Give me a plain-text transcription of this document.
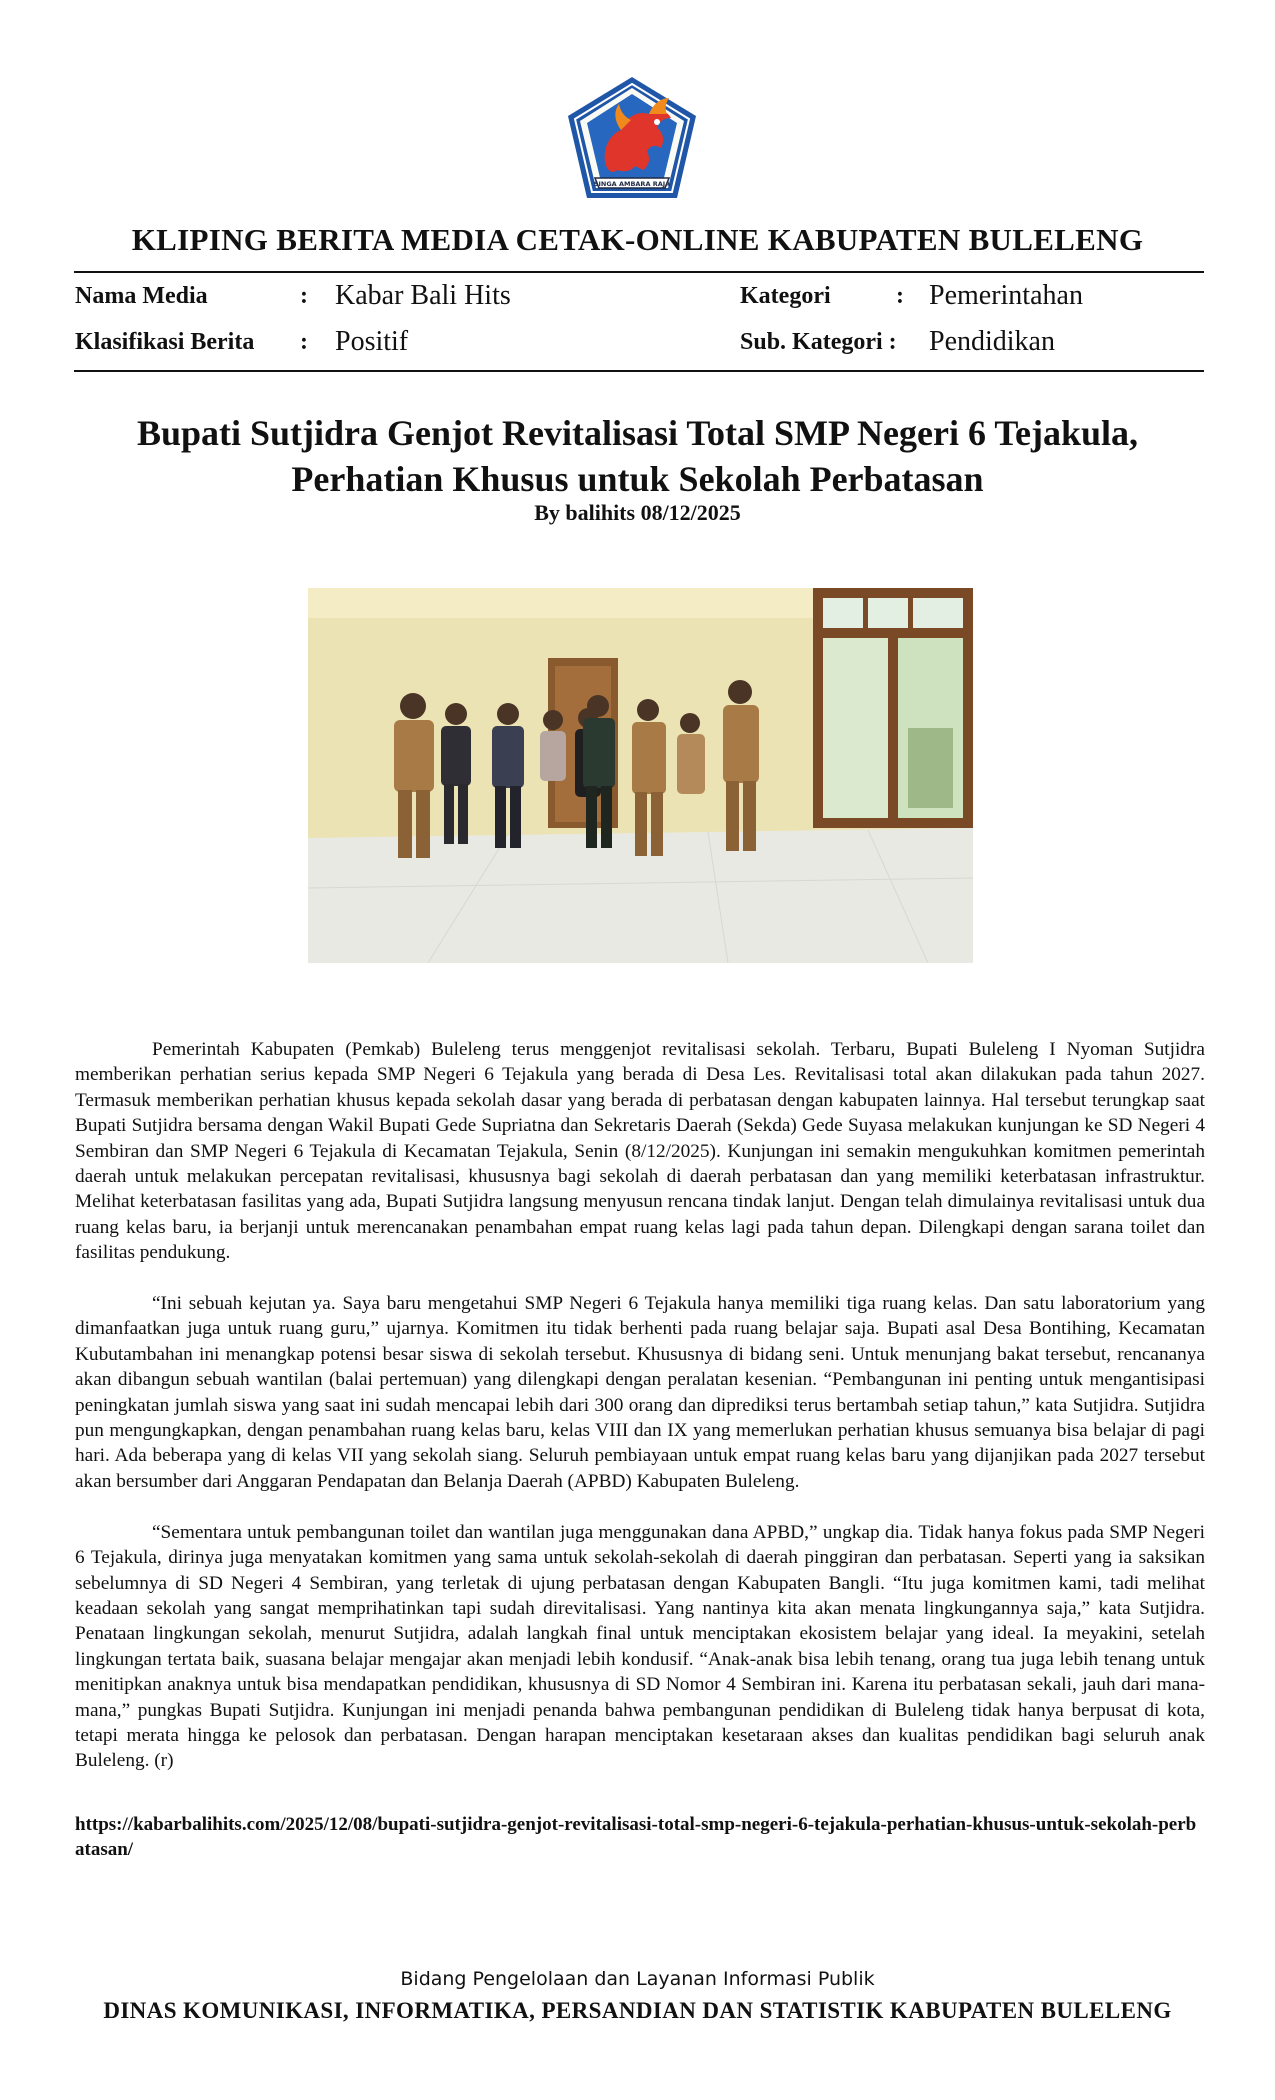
SINGA AMBARA RAJA
KLIPING BERITA MEDIA CETAK-ONLINE KABUPATEN BULELENG
Nama Media	: Kabar Bali Hits
Klasifikasi Berita : Positif
Kategori	: Pemerintahan
Sub. Kategori : Pendidikan
Bupati Sutjidra Genjot Revitalisasi Total SMP Negeri 6 Tejakula,
Perhatian Khusus untuk Sekolah Perbatasan
By balihits 08/12/2025

Pemerintah Kabupaten (Pemkab) Buleleng terus menggenjot revitalisasi sekolah. Terbaru, Bupati Buleleng I Nyoman Sutjidra memberikan perhatian serius kepada SMP Negeri 6 Tejakula yang berada di Desa Les. Revitalisasi total akan dilakukan pada tahun 2027. Termasuk memberikan perhatian khusus kepada sekolah dasar yang berada di perbatasan dengan kabupaten lainnya. Hal tersebut terungkap saat Bupati Sutjidra bersama dengan Wakil Bupati Gede Supriatna dan Sekretaris Daerah (Sekda) Gede Suyasa melakukan kunjungan ke SD Negeri 4 Sembiran dan SMP Negeri 6 Tejakula di Kecamatan Tejakula, Senin (8/12/2025). Kunjungan ini semakin mengukuhkan komitmen pemerintah daerah untuk melakukan percepatan revitalisasi, khususnya bagi sekolah di daerah perbatasan dan yang memiliki keterbatasan infrastruktur. Melihat keterbatasan fasilitas yang ada, Bupati Sutjidra langsung menyusun rencana tindak lanjut. Dengan telah dimulainya revitalisasi untuk dua ruang kelas baru, ia berjanji untuk merencanakan penambahan empat ruang kelas lagi pada tahun depan. Dilengkapi dengan sarana toilet dan fasilitas pendukung.

“Ini sebuah kejutan ya. Saya baru mengetahui SMP Negeri 6 Tejakula hanya memiliki tiga ruang kelas. Dan satu laboratorium yang dimanfaatkan juga untuk ruang guru,” ujarnya. Komitmen itu tidak berhenti pada ruang belajar saja. Bupati asal Desa Bontihing, Kecamatan Kubutambahan ini menangkap potensi besar siswa di sekolah tersebut. Khususnya di bidang seni. Untuk menunjang bakat tersebut, rencananya akan dibangun sebuah wantilan (balai pertemuan) yang dilengkapi dengan peralatan kesenian. “Pembangunan ini penting untuk mengantisipasi peningkatan jumlah siswa yang saat ini sudah mencapai lebih dari 300 orang dan diprediksi terus bertambah setiap tahun,” kata Sutjidra. Sutjidra pun mengungkapkan, dengan penambahan ruang kelas baru, kelas VIII dan IX yang memerlukan perhatian khusus semuanya bisa belajar di pagi hari. Ada beberapa yang di kelas VII yang sekolah siang. Seluruh pembiayaan untuk empat ruang kelas baru yang dijanjikan pada 2027 tersebut akan bersumber dari Anggaran Pendapatan dan Belanja Daerah (APBD) Kabupaten Buleleng.

“Sementara untuk pembangunan toilet dan wantilan juga menggunakan dana APBD,” ungkap dia. Tidak hanya fokus pada SMP Negeri 6 Tejakula, dirinya juga menyatakan komitmen yang sama untuk sekolah-sekolah di daerah pinggiran dan perbatasan. Seperti yang ia saksikan sebelumnya di SD Negeri 4 Sembiran, yang terletak di ujung perbatasan dengan Kabupaten Bangli. “Itu juga komitmen kami, tadi melihat keadaan sekolah yang sangat memprihatinkan tapi sudah direvitalisasi. Yang nantinya kita akan menata lingkungannya saja,” kata Sutjidra. Penataan lingkungan sekolah, menurut Sutjidra, adalah langkah final untuk menciptakan ekosistem belajar yang ideal. Ia meyakini, setelah lingkungan tertata baik, suasana belajar mengajar akan menjadi lebih kondusif. “Anak-anak bisa lebih tenang, orang tua juga lebih tenang untuk menitipkan anaknya untuk bisa mendapatkan pendidikan, khususnya di SD Nomor 4 Sembiran ini. Karena itu perbatasan sekali, jauh dari mana-mana,” pungkas Bupati Sutjidra. Kunjungan ini menjadi penanda bahwa pembangunan pendidikan di Buleleng tidak hanya berpusat di kota, tetapi merata hingga ke pelosok dan perbatasan. Dengan harapan menciptakan kesetaraan akses dan kualitas pendidikan bagi seluruh anak Buleleng. (r)

https://kabarbalihits.com/2025/12/08/bupati-sutjidra-genjot-revitalisasi-total-smp-negeri-6-tejakula-perhatian-khusus-untuk-sekolah-perbatasan/
Bidang Pengelolaan dan Layanan Informasi Publik
DINAS KOMUNIKASI, INFORMATIKA, PERSANDIAN DAN STATISTIK KABUPATEN BULELENG
